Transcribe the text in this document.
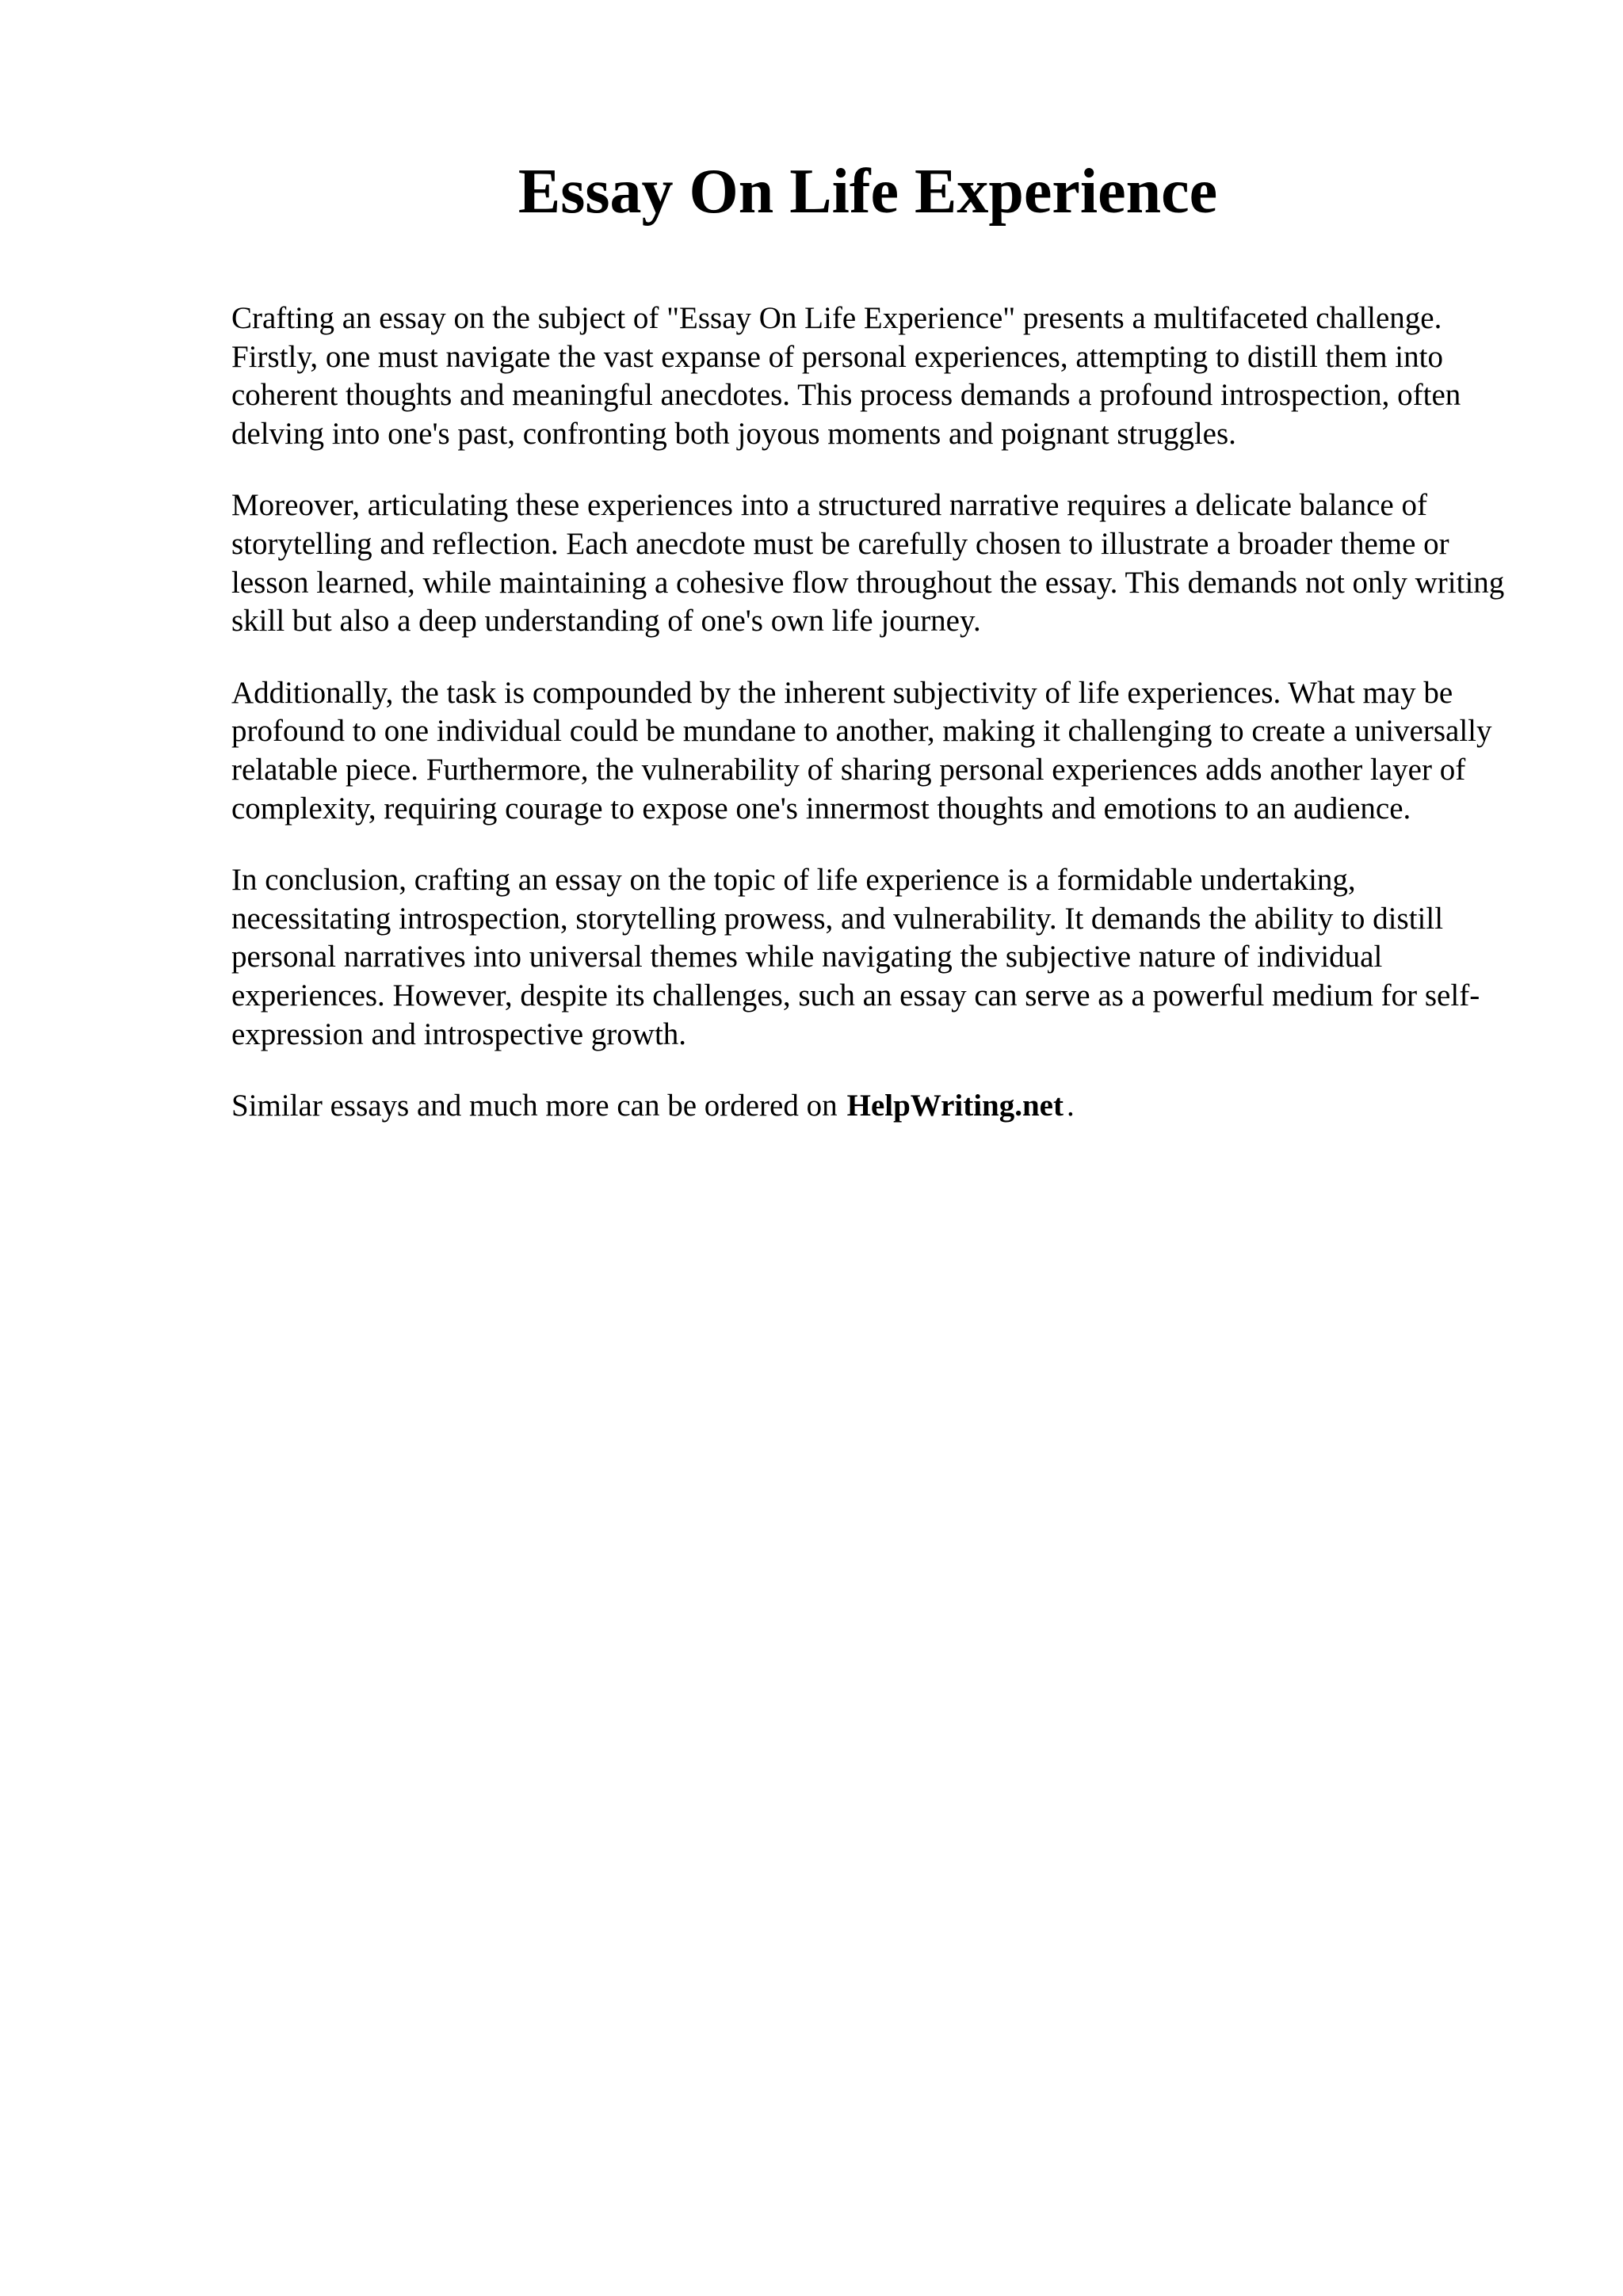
Essay On Life Experience

Crafting an essay on the subject of "Essay On Life Experience" presents a multifaceted challenge. Firstly, one must navigate the vast expanse of personal experiences, attempting to distill them into coherent thoughts and meaningful anecdotes. This process demands a profound introspection, often delving into one's past, confronting both joyous moments and poignant struggles.

Moreover, articulating these experiences into a structured narrative requires a delicate balance of storytelling and reflection. Each anecdote must be carefully chosen to illustrate a broader theme or lesson learned, while maintaining a cohesive flow throughout the essay. This demands not only writing skill but also a deep understanding of one's own life journey.

Additionally, the task is compounded by the inherent subjectivity of life experiences. What may be profound to one individual could be mundane to another, making it challenging to create a universally relatable piece. Furthermore, the vulnerability of sharing personal experiences adds another layer of complexity, requiring courage to expose one's innermost thoughts and emotions to an audience.

In conclusion, crafting an essay on the topic of life experience is a formidable undertaking, necessitating introspection, storytelling prowess, and vulnerability. It demands the ability to distill personal narratives into universal themes while navigating the subjective nature of individual experiences. However, despite its challenges, such an essay can serve as a powerful medium for self-expression and introspective growth.

Similar essays and much more can be ordered on HelpWriting.net .
